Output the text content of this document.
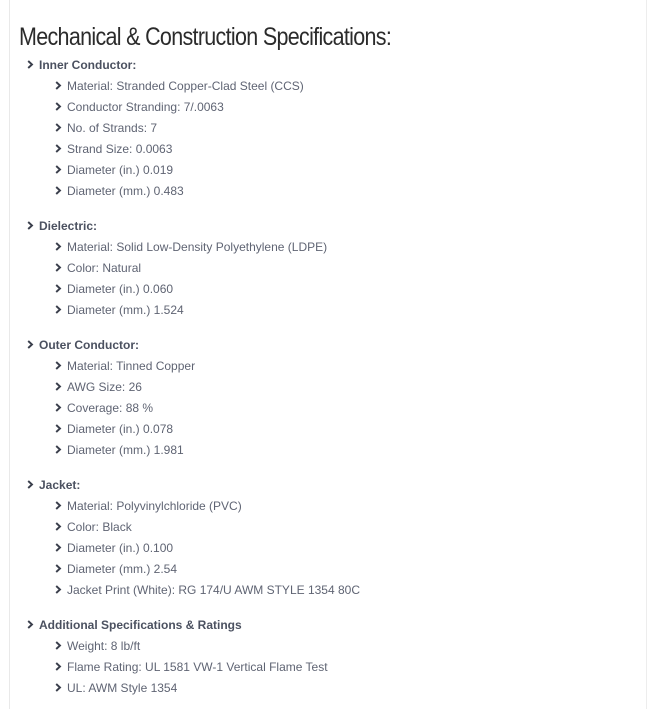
Mechanical & Construction Specifications:
Inner Conductor:
Material: Stranded Copper-Clad Steel (CCS)
Conductor Stranding: 7/.0063
No. of Strands: 7
Strand Size: 0.0063
Diameter (in.) 0.019
Diameter (mm.) 0.483
Dielectric:
Material: Solid Low-Density Polyethylene (LDPE)
Color: Natural
Diameter (in.) 0.060
Diameter (mm.) 1.524
Outer Conductor:
Material: Tinned Copper
AWG Size: 26
Coverage: 88 %
Diameter (in.) 0.078
Diameter (mm.) 1.981
Jacket:
Material: Polyvinylchloride (PVC)
Color: Black
Diameter (in.) 0.100
Diameter (mm.) 2.54
Jacket Print (White): RG 174/U AWM STYLE 1354 80C
Additional Specifications & Ratings
Weight: 8 lb/ft
Flame Rating: UL 1581 VW-1 Vertical Flame Test
UL: AWM Style 1354
